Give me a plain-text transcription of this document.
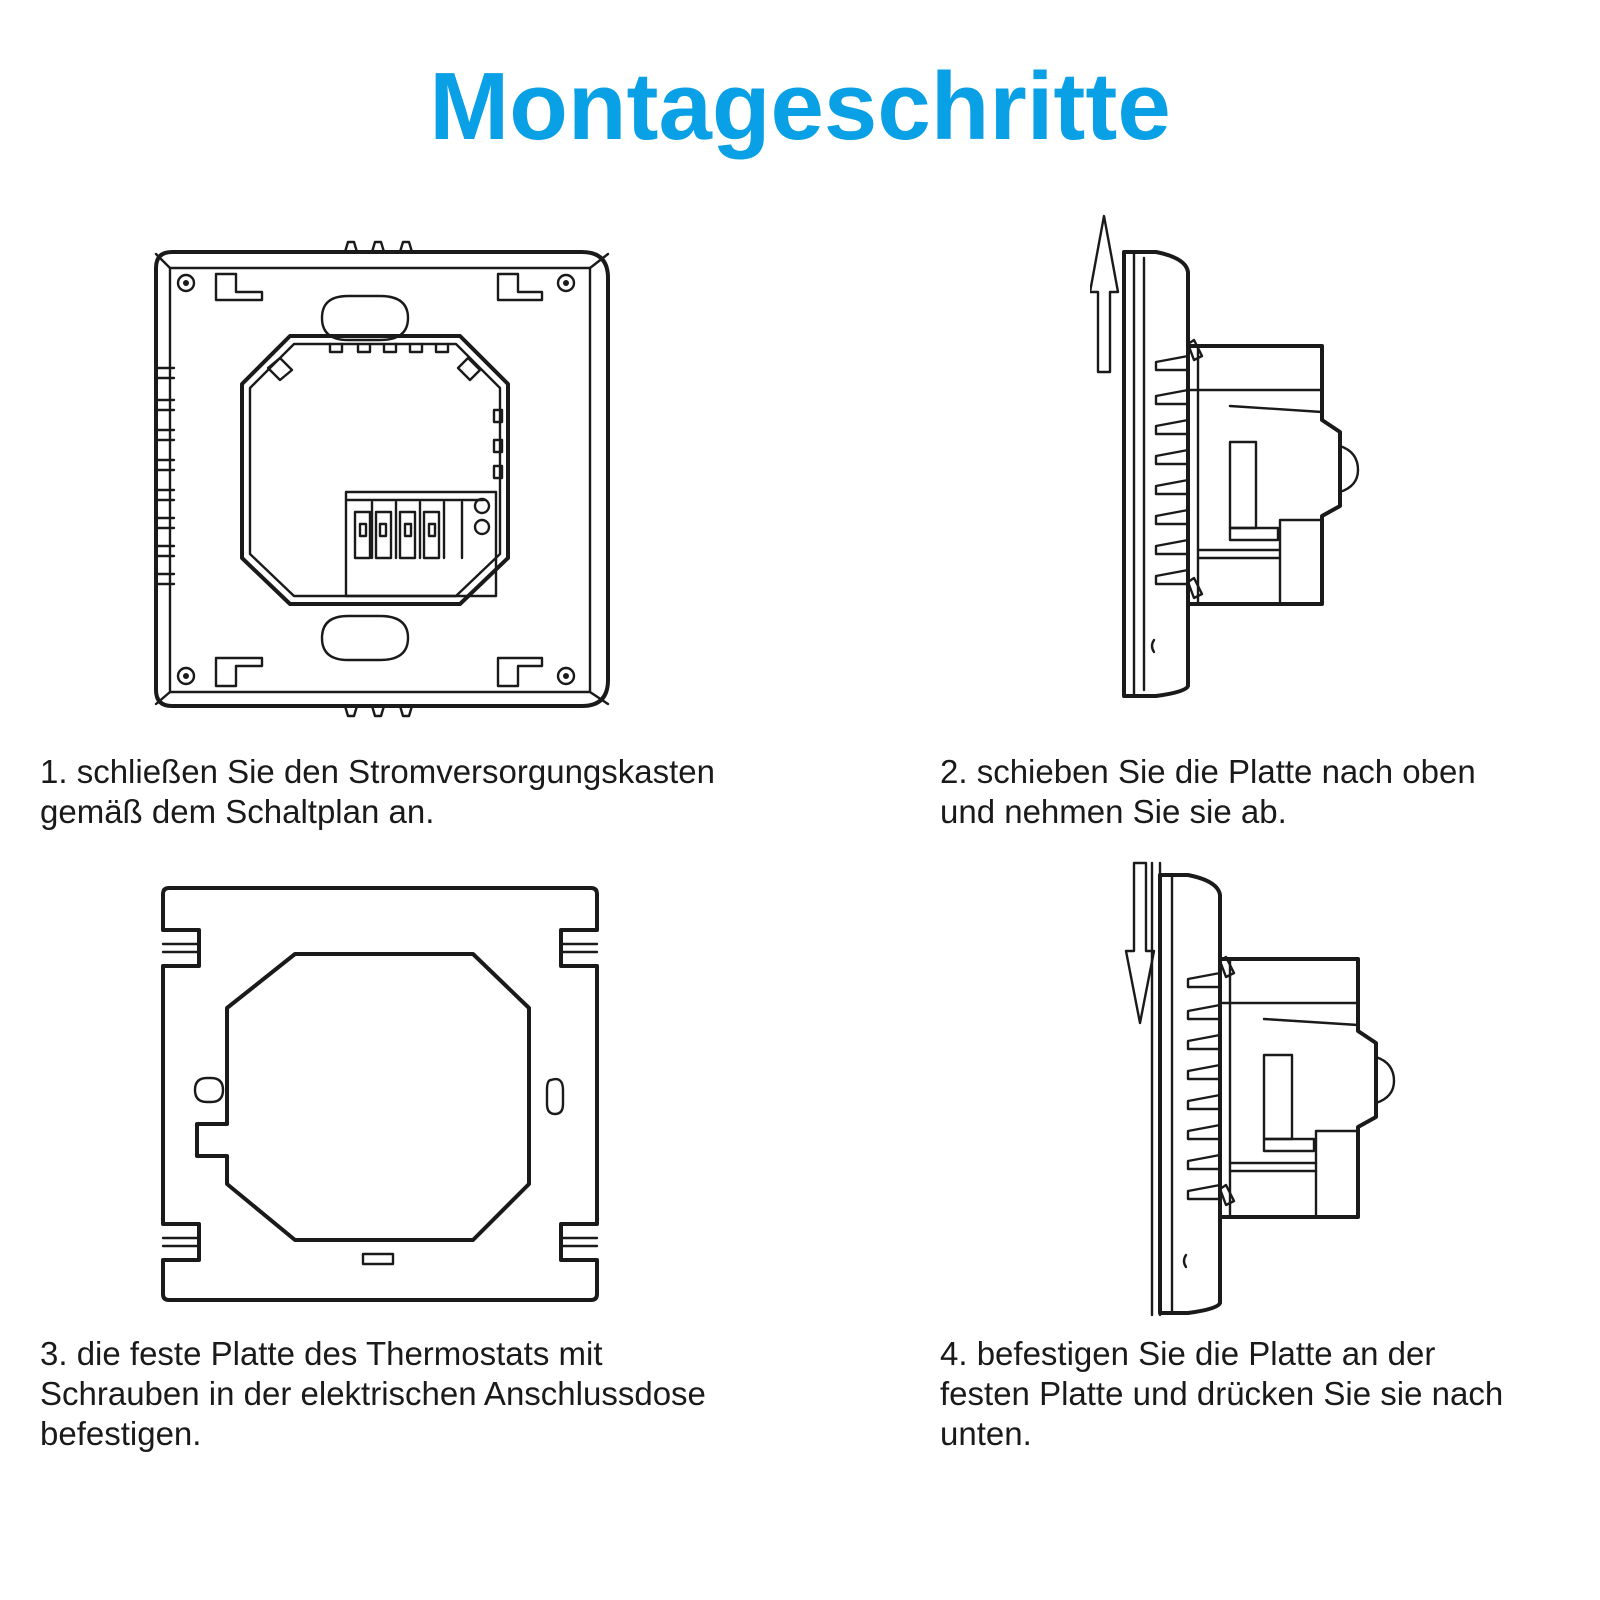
Montageschritte
1. schließen Sie den Stromversorgungskasten
gemäß dem Schaltplan an.
2. schieben Sie die Platte nach oben
und nehmen Sie sie ab.
3. die feste Platte des Thermostats mit
Schrauben in der elektrischen Anschlussdose
befestigen.
4. befestigen Sie die Platte an der
festen Platte und drücken Sie sie nach
unten.
